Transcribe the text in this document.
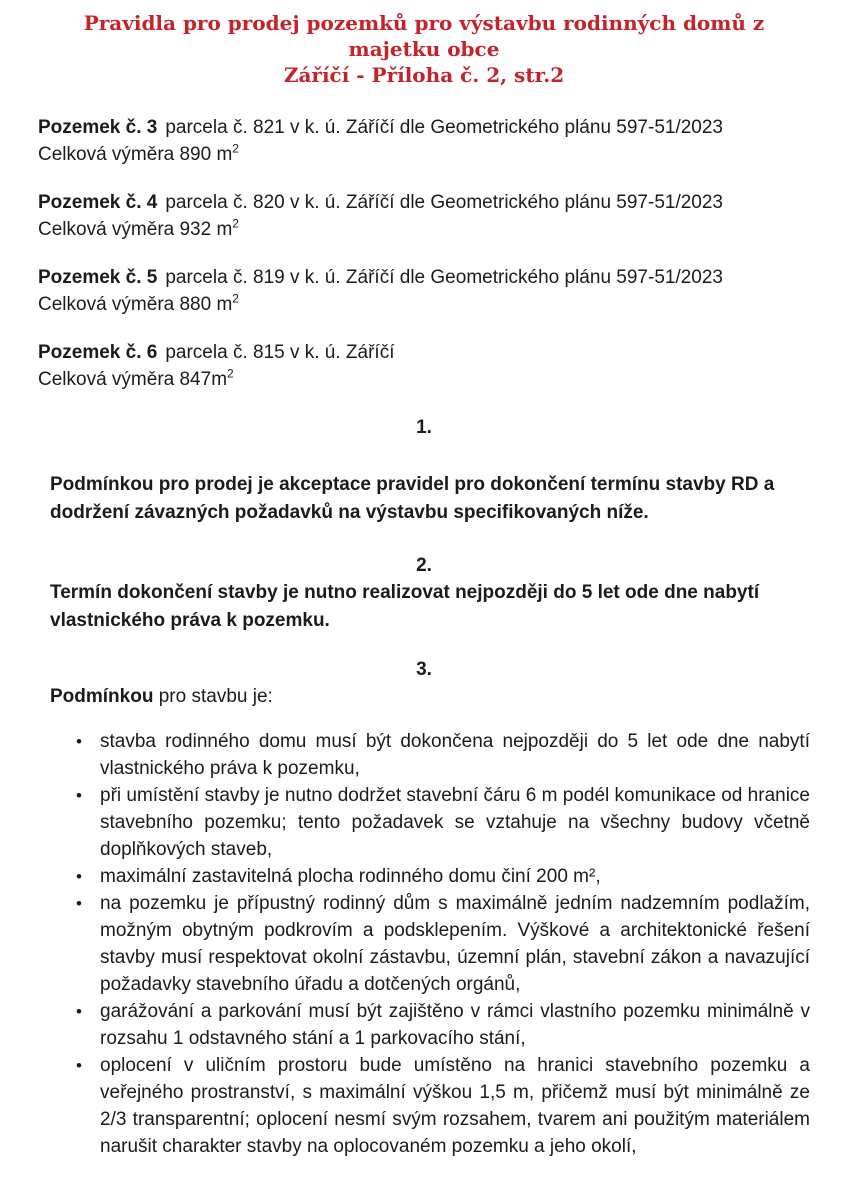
Pravidla pro prodej pozemků pro výstavbu rodinných domů z majetku obce
Záříčí - Příloha č. 2, str.2
Pozemek č. 3 parcela č. 821 v k. ú. Záříčí dle Geometrického plánu 597-51/2023
Celková výměra 890 $m^2$
Pozemek č. 4 parcela č. 820 v k. ú. Záříčí dle Geometrického plánu 597-51/2023
Celková výměra 932 $m^2$
Pozemek č. 5 parcela č. 819 v k. ú. Záříčí dle Geometrického plánu 597-51/2023
Celková výměra 880 $m^2$
Pozemek č. 6 parcela č. 815 v k. ú. Záříčí
Celková výměra $847m^2$
1.
Podmínkou pro prodej je akceptace pravidel pro dokončení termínu stavby RD a dodržení závazných požadavků na výstavbu specifikovaných níže.
2.
Termín dokončení stavby je nutno realizovat nejpozději do 5 let ode dne nabytí vlastnického práva k pozemku.
3.
Podmínkou pro stavbu je:
• stavba rodinného domu musí být dokončena nejpozději do 5 let ode dne nabytí vlastnického práva k pozemku,
• při umístění stavby je nutno dodržet stavební čáru 6 m podél komunikace od hranice stavebního pozemku; tento požadavek se vztahuje na všechny budovy včetně doplňkových staveb,
• maximální zastavitelná plocha rodinného domu činí 200 m²,
• na pozemku je přípustný rodinný dům s maximálně jedním nadzemním podlažím, možným obytným podkrovím a podsklepením. Výškové a architektonické řešení stavby musí respektovat okolní zástavbu, územní plán, stavební zákon a navazující požadavky stavebního úřadu a dotčených orgánů,
• garážování a parkování musí být zajištěno v rámci vlastního pozemku minimálně v rozsahu 1 odstavného stání a 1 parkovacího stání,
• oplocení v uličním prostoru bude umístěno na hranici stavebního pozemku a veřejného prostranství, s maximální výškou 1,5 m, přičemž musí být minimálně ze 2/3 transparentní; oplocení nesmí svým rozsahem, tvarem ani použitým materiálem narušit charakter stavby na oplocovaném pozemku a jeho okolí,
